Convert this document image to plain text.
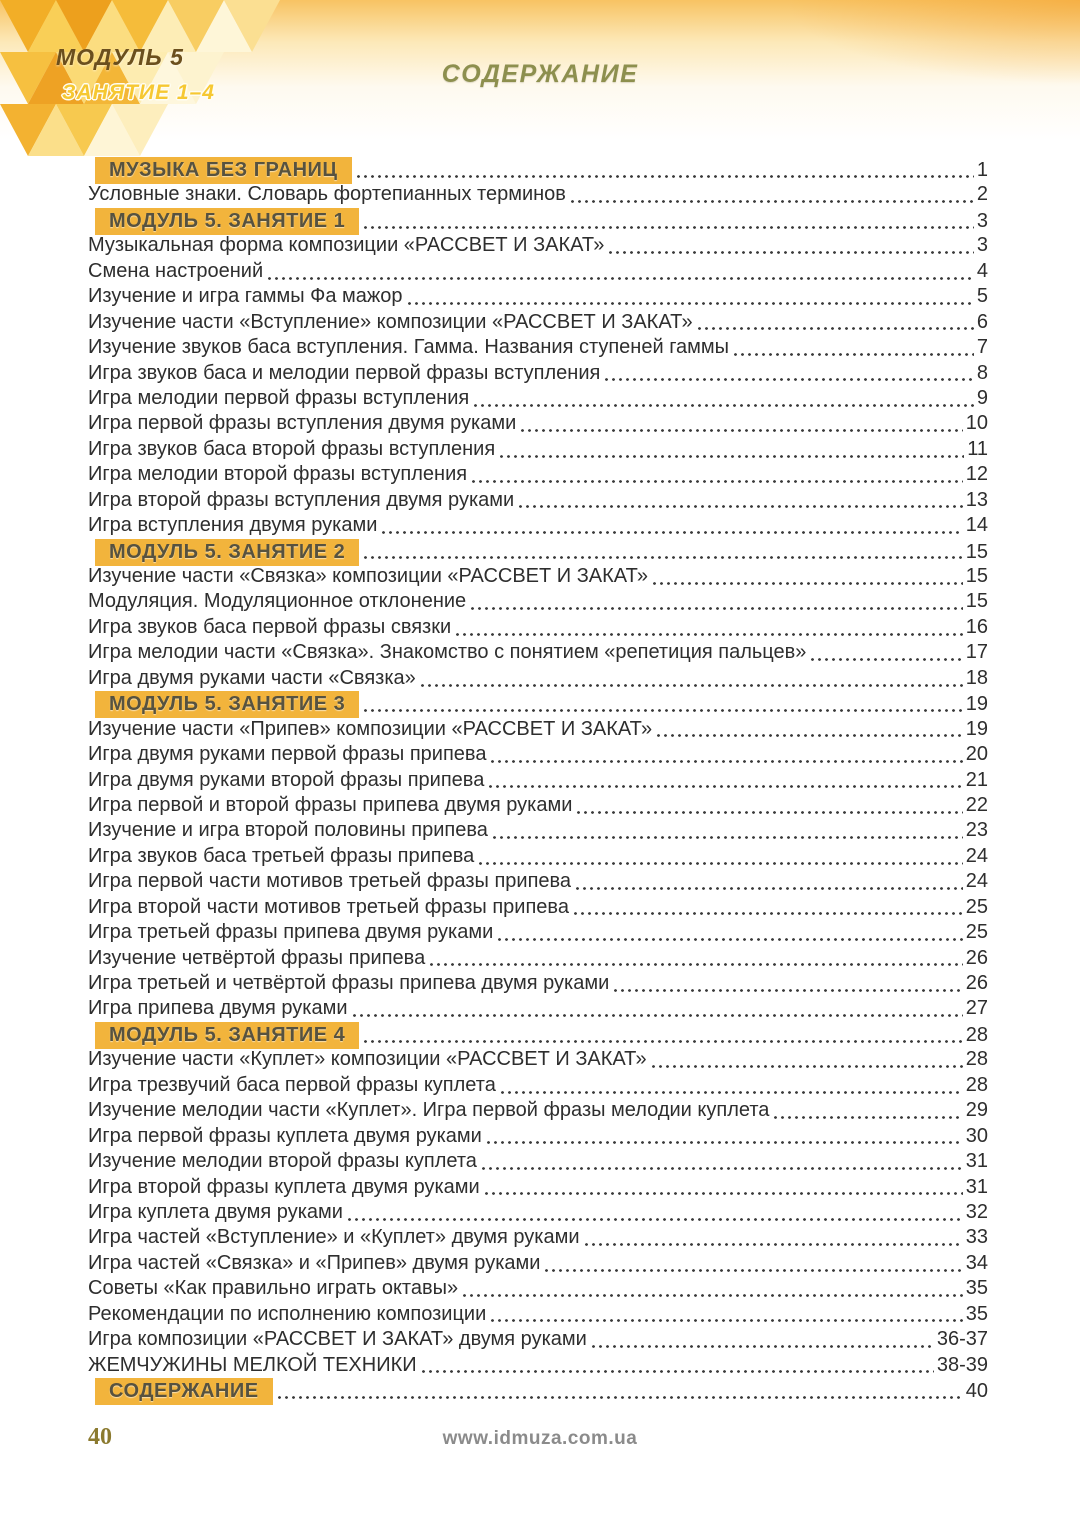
МОДУЛЬ 5
ЗАНЯТИЕ 1–4
СОДЕРЖАНИЕ
МУЗЫКА БЕЗ ГРАНИЦ	1
Условные знаки. Словарь фортепианных терминов	2
МОДУЛЬ 5. ЗАНЯТИЕ 1	3
Музыкальная форма композиции «РАССВЕТ И ЗАКАТ»	3
Смена настроений	4
Изучение и игра гаммы Фа мажор	5
Изучение части «Вступление» композиции «РАССВЕТ И ЗАКАТ»	6
Изучение звуков баса вступления. Гамма. Названия ступеней гаммы	7
Игра звуков баса и мелодии первой фразы вступления	8
Игра мелодии первой фразы вступления	9
Игра первой фразы вступления двумя руками	10
Игра звуков баса второй фразы вступления	11
Игра мелодии второй фразы вступления	12
Игра второй фразы вступления двумя руками	13
Игра вступления двумя руками	14
МОДУЛЬ 5. ЗАНЯТИЕ 2	15
Изучение части «Связка» композиции «РАССВЕТ И ЗАКАТ»	15
Модуляция. Модуляционное отклонение	15
Игра звуков баса первой фразы связки	16
Игра мелодии части «Связка». Знакомство с понятием «репетиция пальцев»	17
Игра двумя руками части «Связка»	18
МОДУЛЬ 5. ЗАНЯТИЕ 3	19
Изучение части «Припев» композиции «РАССВЕТ И ЗАКАТ»	19
Игра двумя руками первой фразы припева	20
Игра двумя руками второй фразы припева	21
Игра первой и второй фразы припева двумя руками	22
Изучение и игра второй половины припева	23
Игра звуков баса третьей фразы припева	24
Игра первой части мотивов третьей фразы припева	24
Игра второй части мотивов третьей фразы припева	25
Игра третьей фразы припева двумя руками	25
Изучение четвёртой фразы припева	26
Игра третьей и четвёртой фразы припева двумя руками	26
Игра припева двумя руками	27
МОДУЛЬ 5. ЗАНЯТИЕ 4	28
Изучение части «Куплет» композиции «РАССВЕТ И ЗАКАТ»	28
Игра трезвучий баса первой фразы куплета	28
Изучение мелодии части «Куплет». Игра первой фразы мелодии куплета	29
Игра первой фразы куплета двумя руками	30
Изучение мелодии второй фразы куплета	31
Игра второй фразы куплета двумя руками	31
Игра куплета двумя руками	32
Игра частей «Вступление» и «Куплет» двумя руками	33
Игра частей «Связка» и «Припев» двумя руками	34
Советы «Как правильно играть октавы»	35
Рекомендации по исполнению композиции	35
Игра композиции «РАССВЕТ И ЗАКАТ» двумя руками	36-37
ЖЕМЧУЖИНЫ МЕЛКОЙ ТЕХНИКИ	38-39
СОДЕРЖАНИЕ	40
40	www.idmuza.com.ua
